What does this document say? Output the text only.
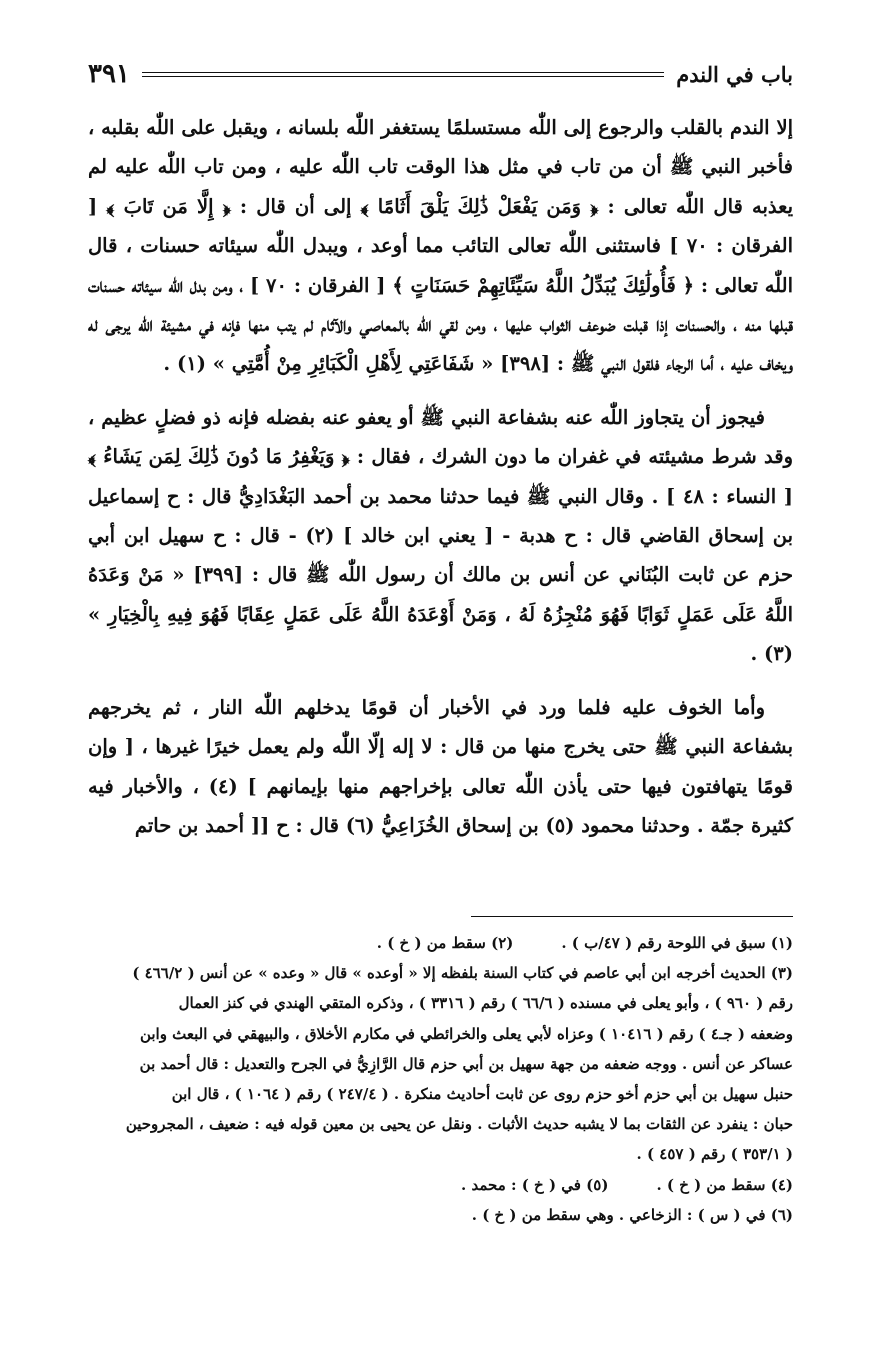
باب في الندم
٣٩١

إلا الندم بالقلب والرجوع إلى اللّٰه مستسلمًا يستغفر اللّٰه بلسانه ، ويقبل على اللّٰه بقلبه ، فأخبر النبي ﷺ أن من تاب في مثل هذا الوقت تاب اللّٰه عليه ، ومن تاب اللّٰه عليه لم يعذبه قال اللّٰه تعالى : ﴿ وَمَن يَفْعَلْ ذَٰلِكَ يَلْقَ أَثَامًا ﴾ إلى أن قال : ﴿ إِلَّا مَن تَابَ ﴾ [ الفرقان : ٧٠ ] فاستثنى اللّٰه تعالى التائب مما أوعد ، ويبدل اللّٰه سيئاته حسنات ، قال اللّٰه تعالى : ﴿ فَأُولَٰئِكَ يُبَدِّلُ اللَّهُ سَيِّئَاتِهِمْ حَسَنَاتٍ ﴾ [ الفرقان : ٧٠ ] ، ومن بدل اللّٰه سيئاته حسنات قبلها منه ، والحسنات إذا قبلت ضوعف الثواب عليها ، ومن لقي اللّٰه بالمعاصي والآثام لم يتب منها فإنه في مشيئة اللّٰه يرجى له ويخاف عليه ، أما الرجاء فلقول النبي ﷺ : [٣٩٨] « شَفَاعَتِي لِأَهْلِ الْكَبَائِرِ مِنْ أُمَّتِي » (١) .

فيجوز أن يتجاوز اللّٰه عنه بشفاعة النبي ﷺ أو يعفو عنه بفضله فإنه ذو فضلٍ عظيم ، وقد شرط مشيئته في غفران ما دون الشرك ، فقال : ﴿ وَيَغْفِرُ مَا دُونَ ذَٰلِكَ لِمَن يَشَاءُ ﴾ [ النساء : ٤٨ ] . وقال النبي ﷺ فيما حدثنا محمد بن أحمد البَغْدَادِيُّ قال : ح إسماعيل بن إسحاق القاضي قال : ح هدبة - [ يعني ابن خالد ] (٢) - قال : ح سهيل ابن أبي حزم عن ثابت البُنَاني عن أنس بن مالك أن رسول اللّٰه ﷺ قال : [٣٩٩] « مَنْ وَعَدَهُ اللَّهُ عَلَى عَمَلٍ ثَوَابًا فَهُوَ مُنْجِزُهُ لَهُ ، وَمَنْ أَوْعَدَهُ اللَّهُ عَلَى عَمَلٍ عِقَابًا فَهُوَ فِيهِ بِالْخِيَارِ » (٣) .

وأما الخوف عليه فلما ورد في الأخبار أن قومًا يدخلهم اللّٰه النار ، ثم يخرجهم بشفاعة النبي ﷺ حتى يخرج منها من قال : لا إله إلّا اللّٰه ولم يعمل خيرًا غيرها ، [ وإن قومًا يتهافتون فيها حتى يأذن اللّٰه تعالى بإخراجهم منها بإيمانهم ] (٤) ، والأخبار فيه كثيرة جمّة . وحدثنا محمود (٥) بن إسحاق الخُزَاعِيُّ (٦) قال : ح [[ أحمد بن حاتم

(١) سبق في اللوحة رقم ( ٤٧/ب ) .
(٢) سقط من ( خ ) .
(٣) الحديث أخرجه ابن أبي عاصم في كتاب السنة بلفظه إلا « أوعده » قال « وعده » عن أنس ( ٤٦٦/٢ )
رقم ( ٩٦٠ ) ، وأبو يعلى في مسنده ( ٦٦/٦ ) رقم ( ٣٣١٦ ) ، وذكره المتقي الهندي في كنز العمال
وضعفه ( جـ٤ ) رقم ( ١٠٤١٦ ) وعزاه لأبي يعلى والخرائطي في مكارم الأخلاق ، والبيهقي في البعث وابن
عساكر عن أنس . ووجه ضعفه من جهة سهيل بن أبي حزم قال الرَّازِيُّ في الجرح والتعديل : قال أحمد بن
حنبل سهيل بن أبي حزم أخو حزم روى عن ثابت أحاديث منكرة . ( ٢٤٧/٤ ) رقم ( ١٠٦٤ ) ، قال ابن
حبان : ينفرد عن الثقات بما لا يشبه حديث الأثبات . ونقل عن يحيى بن معين قوله فيه : ضعيف ، المجروحين
( ٣٥٣/١ ) رقم ( ٤٥٧ ) .
(٤) سقط من ( خ ) .
(٥) في ( خ ) : محمد .
(٦) في ( س ) : الزخاعي . وهي سقط من ( خ ) .
